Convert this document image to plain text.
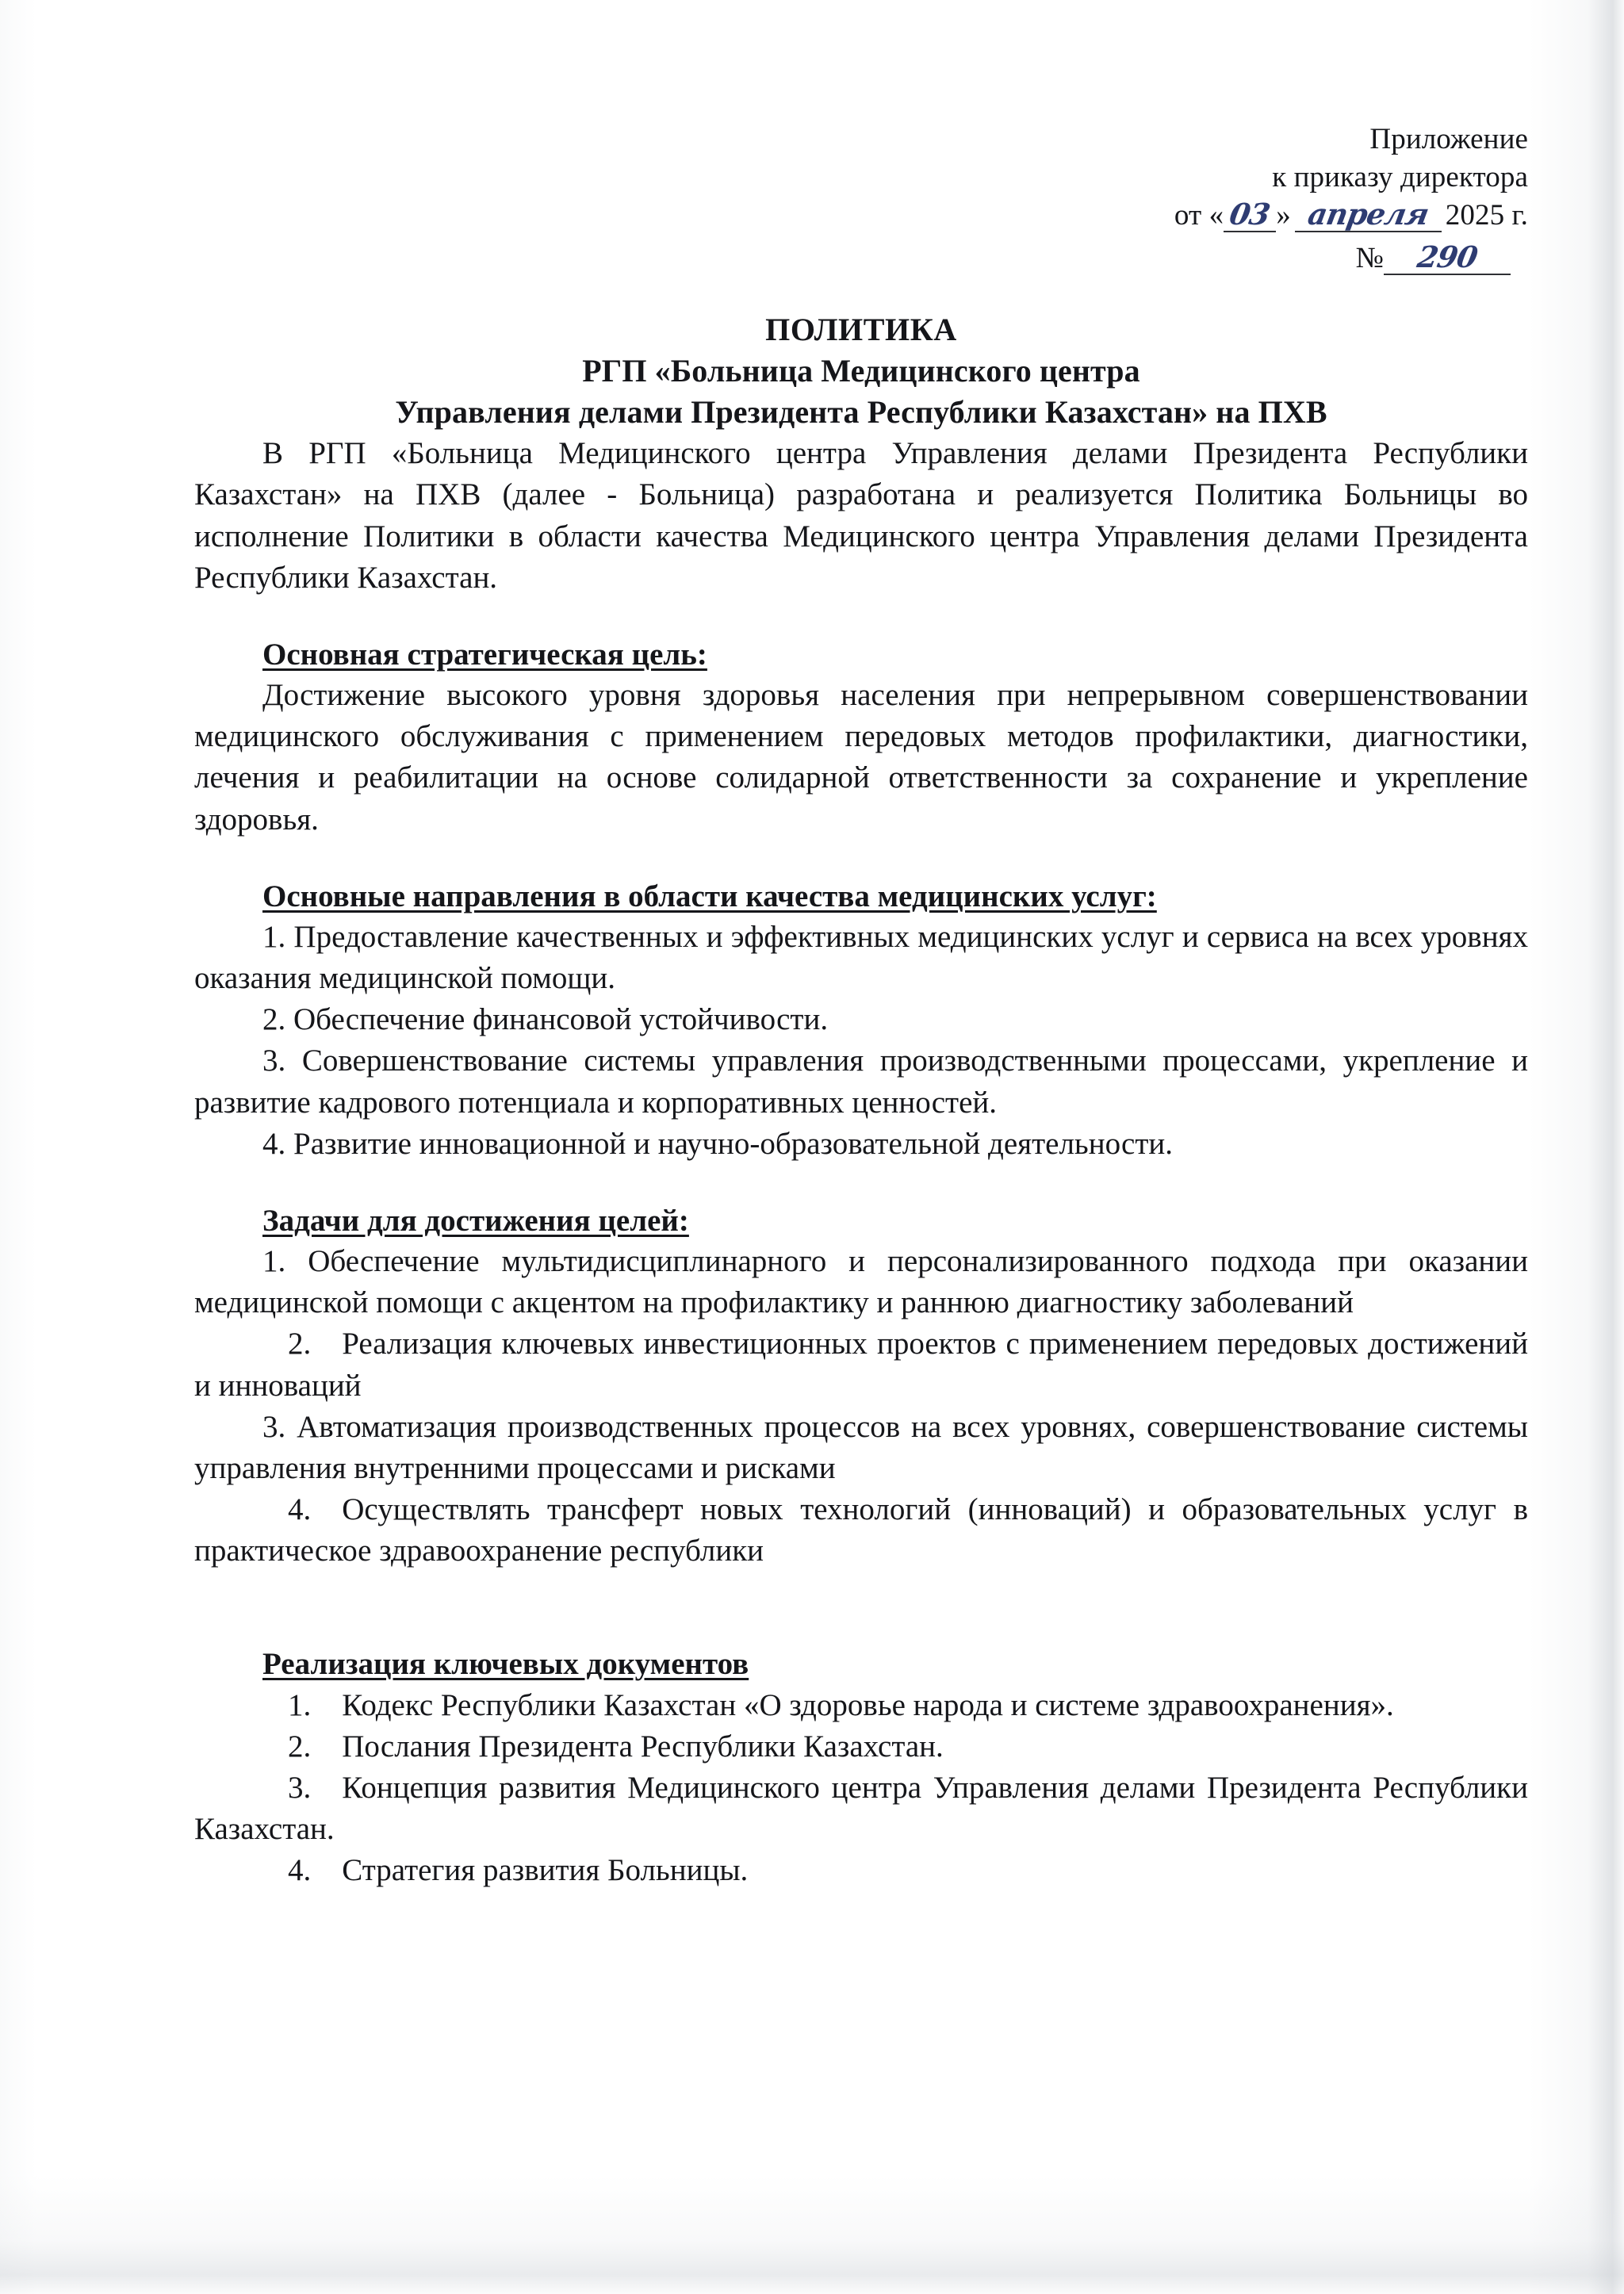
Приложение
к приказу директора
от « 03 » апреля 2025 г.
№	290
ПОЛИТИКА
РГП «Больница Медицинского центра
Управления делами Президента Республики Казахстан» на ПХВ

В РГП «Больница Медицинского центра Управления делами Президента Республики Казахстан» на ПХВ (далее - Больница) разработана и реализуется Политика Больницы во исполнение Политики в области качества Медицинского центра Управления делами Президента Республики Казахстан.

Основная стратегическая цель:

Достижение высокого уровня здоровья населения при непрерывном совершенствовании медицинского обслуживания с применением передовых методов профилактики, диагностики, лечения и реабилитации на основе солидарной ответственности за сохранение и укрепление здоровья.

Основные направления в области качества медицинских услуг:

1. Предоставление качественных и эффективных медицинских услуг и сервиса на всех уровнях оказания медицинской помощи.

2. Обеспечение финансовой устойчивости.

3. Совершенствование системы управления производственными процессами, укрепление и развитие кадрового потенциала и корпоративных ценностей.

4. Развитие инновационной и научно-образовательной деятельности.

Задачи для достижения целей:

1. Обеспечение мультидисциплинарного и персонализированного подхода при оказании медицинской помощи с акцентом на профилактику и раннюю диагностику заболеваний

2. Реализация ключевых инвестиционных проектов с применением передовых достижений и инноваций

3. Автоматизация производственных процессов на всех уровнях, совершенствование системы управления внутренними процессами и рисками

4. Осуществлять трансферт новых технологий (инноваций) и образовательных услуг в практическое здравоохранение республики

Реализация ключевых документов

1. Кодекс Республики Казахстан «О здоровье народа и системе здравоохранения».

2. Послания Президента Республики Казахстан.

3. Концепция развития Медицинского центра Управления делами Президента Республики Казахстан.

4. Стратегия развития Больницы.
